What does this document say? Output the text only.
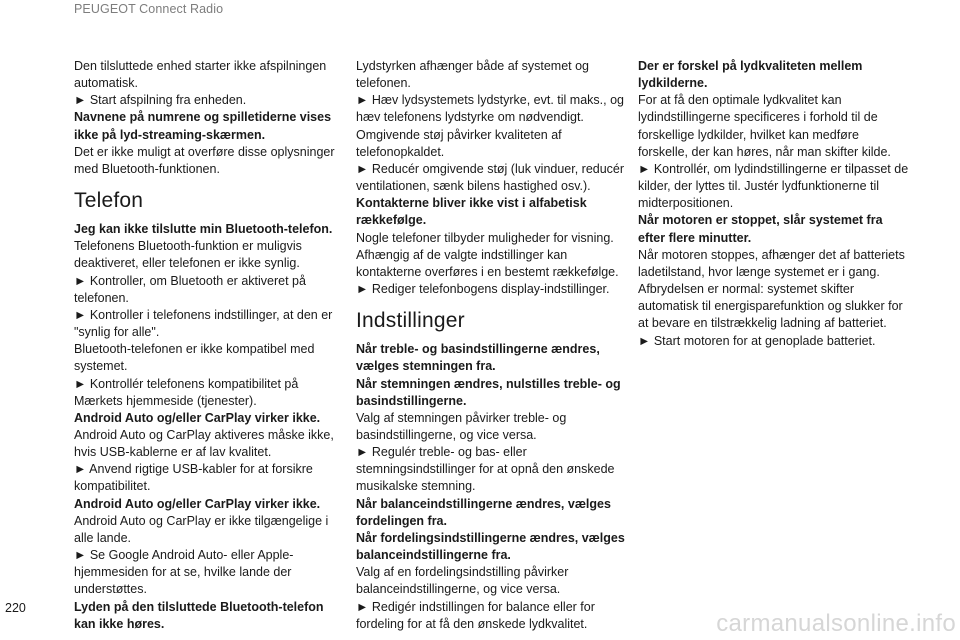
PEUGEOT Connect Radio
Den tilsluttede enhed starter ikke afspilningen automatisk.
► Start afspilning fra enheden.
Navnene på numrene og spilletiderne vises ikke på lyd-streaming-skærmen.
Det er ikke muligt at overføre disse oplysninger med Bluetooth-funktionen.
Telefon
Jeg kan ikke tilslutte min Bluetooth-telefon.
Telefonens Bluetooth-funktion er muligvis deaktiveret, eller telefonen er ikke synlig.
► Kontroller, om Bluetooth er aktiveret på telefonen.
► Kontroller i telefonens indstillinger, at den er "synlig for alle".
Bluetooth-telefonen er ikke kompatibel med systemet.
► Kontrollér telefonens kompatibilitet på Mærkets hjemmeside (tjenester).
Android Auto og/eller CarPlay virker ikke.
Android Auto og CarPlay aktiveres måske ikke, hvis USB-kablerne er af lav kvalitet.
► Anvend rigtige USB-kabler for at forsikre kompatibilitet.
Android Auto og/eller CarPlay virker ikke.
Android Auto og CarPlay er ikke tilgængelige i alle lande.
► Se Google Android Auto- eller Apple-hjemmesiden for at se, hvilke lande der understøttes.
Lyden på den tilsluttede Bluetooth-telefon kan ikke høres.
Lydstyrken afhænger både af systemet og telefonen.
► Hæv lydsystemets lydstyrke, evt. til maks., og hæv telefonens lydstyrke om nødvendigt.
Omgivende støj påvirker kvaliteten af telefonopkaldet.
► Reducér omgivende støj (luk vinduer, reducér ventilationen, sænk bilens hastighed osv.).
Kontakterne bliver ikke vist i alfabetisk rækkefølge.
Nogle telefoner tilbyder muligheder for visning. Afhængig af de valgte indstillinger kan kontakterne overføres i en bestemt rækkefølge.
► Rediger telefonbogens display-indstillinger.
Indstillinger
Når treble- og basindstillingerne ændres, vælges stemningen fra.
Når stemningen ændres, nulstilles treble- og basindstillingerne.
Valg af stemningen påvirker treble- og basindstillingerne, og vice versa.
► Regulér treble- og bas- eller stemningsindstillinger for at opnå den ønskede musikalske stemning.
Når balanceindstillingerne ændres, vælges fordelingen fra.
Når fordelingsindstillingerne ændres, vælges balanceindstillingerne fra.
Valg af en fordelingsindstilling påvirker balanceindstillingerne, og vice versa.
► Redigér indstillingen for balance eller for fordeling for at få den ønskede lydkvalitet.
Der er forskel på lydkvaliteten mellem lydkilderne.
For at få den optimale lydkvalitet kan lydindstillingerne specificeres i forhold til de forskellige lydkilder, hvilket kan medføre forskelle, der kan høres, når man skifter kilde.
► Kontrollér, om lydindstillingerne er tilpasset de kilder, der lyttes til. Justér lydfunktionerne til midterpositionen.
Når motoren er stoppet, slår systemet fra efter flere minutter.
Når motoren stoppes, afhænger det af batteriets ladetilstand, hvor længe systemet er i gang.
Afbrydelsen er normal: systemet skifter automatisk til energisparefunktion og slukker for at bevare en tilstrækkelig ladning af batteriet.
► Start motoren for at genoplade batteriet.
220
carmanualsonline.info
